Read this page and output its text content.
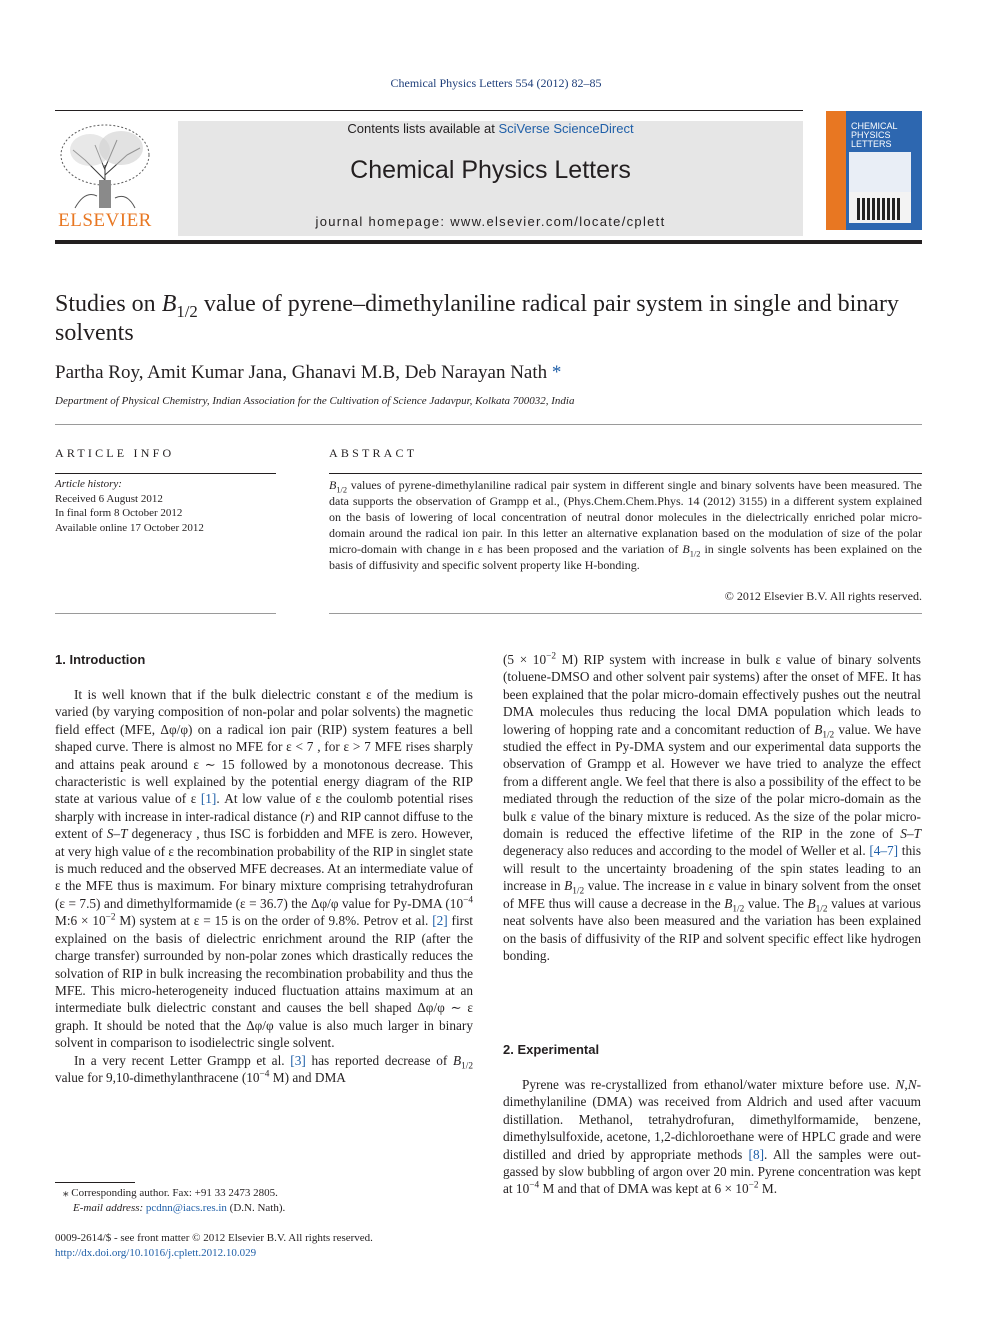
Chemical Physics Letters 554 (2012) 82–85
ELSEVIER
Contents lists available at SciVerse ScienceDirect
Chemical Physics Letters
journal homepage: www.elsevier.com/locate/cplett
CHEMICAL
PHYSICS
LETTERS
Studies on $B_{1/2}$ value of pyrene–dimethylaniline radical pair system in single and binary solvents
Partha Roy, Amit Kumar Jana, Ghanavi M.B, Deb Narayan Nath *
Department of Physical Chemistry, Indian Association for the Cultivation of Science Jadavpur, Kolkata 700032, India
ARTICLE INFO
Article history:
Received 6 August 2012
In final form 8 October 2012
Available online 17 October 2012
ABSTRACT
$B_{1/2}$ values of pyrene-dimethylaniline radical pair system in different single and binary solvents have been measured. The data supports the observation of Grampp et al., (Phys.Chem.Chem.Phys. 14 (2012) 3155) in a different system explained on the basis of lowering of local concentration of neutral donor molecules in the dielectrically enriched polar micro-domain around the radical ion pair. In this letter an alternative explanation based on the modulation of size of the polar micro-domain with change in ε has been proposed and the variation of $B_{1/2}$ in single solvents has been explained on the basis of diffusivity and specific solvent property like H-bonding.
© 2012 Elsevier B.V. All rights reserved.
1. Introduction

It is well known that if the bulk dielectric constant ε of the medium is varied (by varying composition of non-polar and polar solvents) the magnetic field effect (MFE, Δφ/φ) on a radical ion pair (RIP) system features a bell shaped curve. There is almost no MFE for ε < 7 , for ε > 7 MFE rises sharply and attains peak around ε ∼ 15 followed by a monotonous decrease. This characteristic is well explained by the potential energy diagram of the RIP state at various value of ε [1]. At low value of ε the coulomb potential rises sharply with increase in inter-radical distance (r) and RIP cannot diffuse to the extent of S–T degeneracy , thus ISC is forbidden and MFE is zero. However, at very high value of ε the recombination probability of the RIP in singlet state is much reduced and the observed MFE decreases. At an intermediate value of ε the MFE thus is maximum. For binary mixture comprising tetrahydrofuran (ε = 7.5) and dimethylformamide (ε = 36.7) the Δφ/φ value for Py-DMA ($10^{-4}$ M:6 × $10^{-2}$ M) system at ε = 15 is on the order of 9.8%. Petrov et al. [2] first explained on the basis of dielectric enrichment around the RIP (after the charge transfer) surrounded by non-polar zones which drastically reduces the solvation of RIP in bulk increasing the recombination probability and thus the MFE. This micro-heterogeneity induced fluctuation attains maximum at an intermediate bulk dielectric constant and causes the bell shaped Δφ/φ ∼ ε graph. It should be noted that the Δφ/φ value is also much larger in binary solvent in comparison to isodielectric single solvent.

In a very recent Letter Grampp et al. [3] has reported decrease of $B_{1/2}$ value for 9,10-dimethylanthracene ($10^{-4}$ M) and DMA

($5 \times 10^{-2}$ M) RIP system with increase in bulk ε value of binary solvents (toluene-DMSO and other solvent pair systems) after the onset of MFE. It has been explained that the polar micro-domain effectively pushes out the neutral DMA molecules thus reducing the local DMA population which leads to lowering of hopping rate and a concomitant reduction of $B_{1/2}$ value. We have studied the effect in Py-DMA system and our experimental data supports the observation of Grampp et al. However we have tried to analyze the effect from a different angle. We feel that there is also a possibility of the effect to be mediated through the reduction of the size of the polar micro-domain as the bulk ε value of the binary mixture is reduced. As the size of the polar micro-domain is reduced the effective lifetime of the RIP in the zone of S–T degeneracy also reduces and according to the model of Weller et al. [4–7] this will result to the uncertainty broadening of the spin states leading to an increase in $B_{1/2}$ value. The increase in ε value in binary solvent from the onset of MFE thus will cause a decrease in the $B_{1/2}$ value. The $B_{1/2}$ values at various neat solvents have also been measured and the variation has been explained on the basis of diffusivity of the RIP and solvent specific effect like hydrogen bonding.

2. Experimental

Pyrene was re-crystallized from ethanol/water mixture before use. N,N-dimethylaniline (DMA) was received from Aldrich and used after vacuum distillation. Methanol, tetrahydrofuran, dimethylformamide, benzene, dimethylsulfoxide, acetone, 1,2-dichloroethane were of HPLC grade and were distilled and dried by appropriate methods [8]. All the samples were out-gassed by slow bubbling of argon over 20 min. Pyrene concentration was kept at $10^{-4}$ M and that of DMA was kept at $6 \times 10^{-2}$ M.

⁎ Corresponding author. Fax: +91 33 2473 2805.
E-mail address: pcdnn@iacs.res.in (D.N. Nath).
0009-2614/$ - see front matter © 2012 Elsevier B.V. All rights reserved.
http://dx.doi.org/10.1016/j.cplett.2012.10.029
